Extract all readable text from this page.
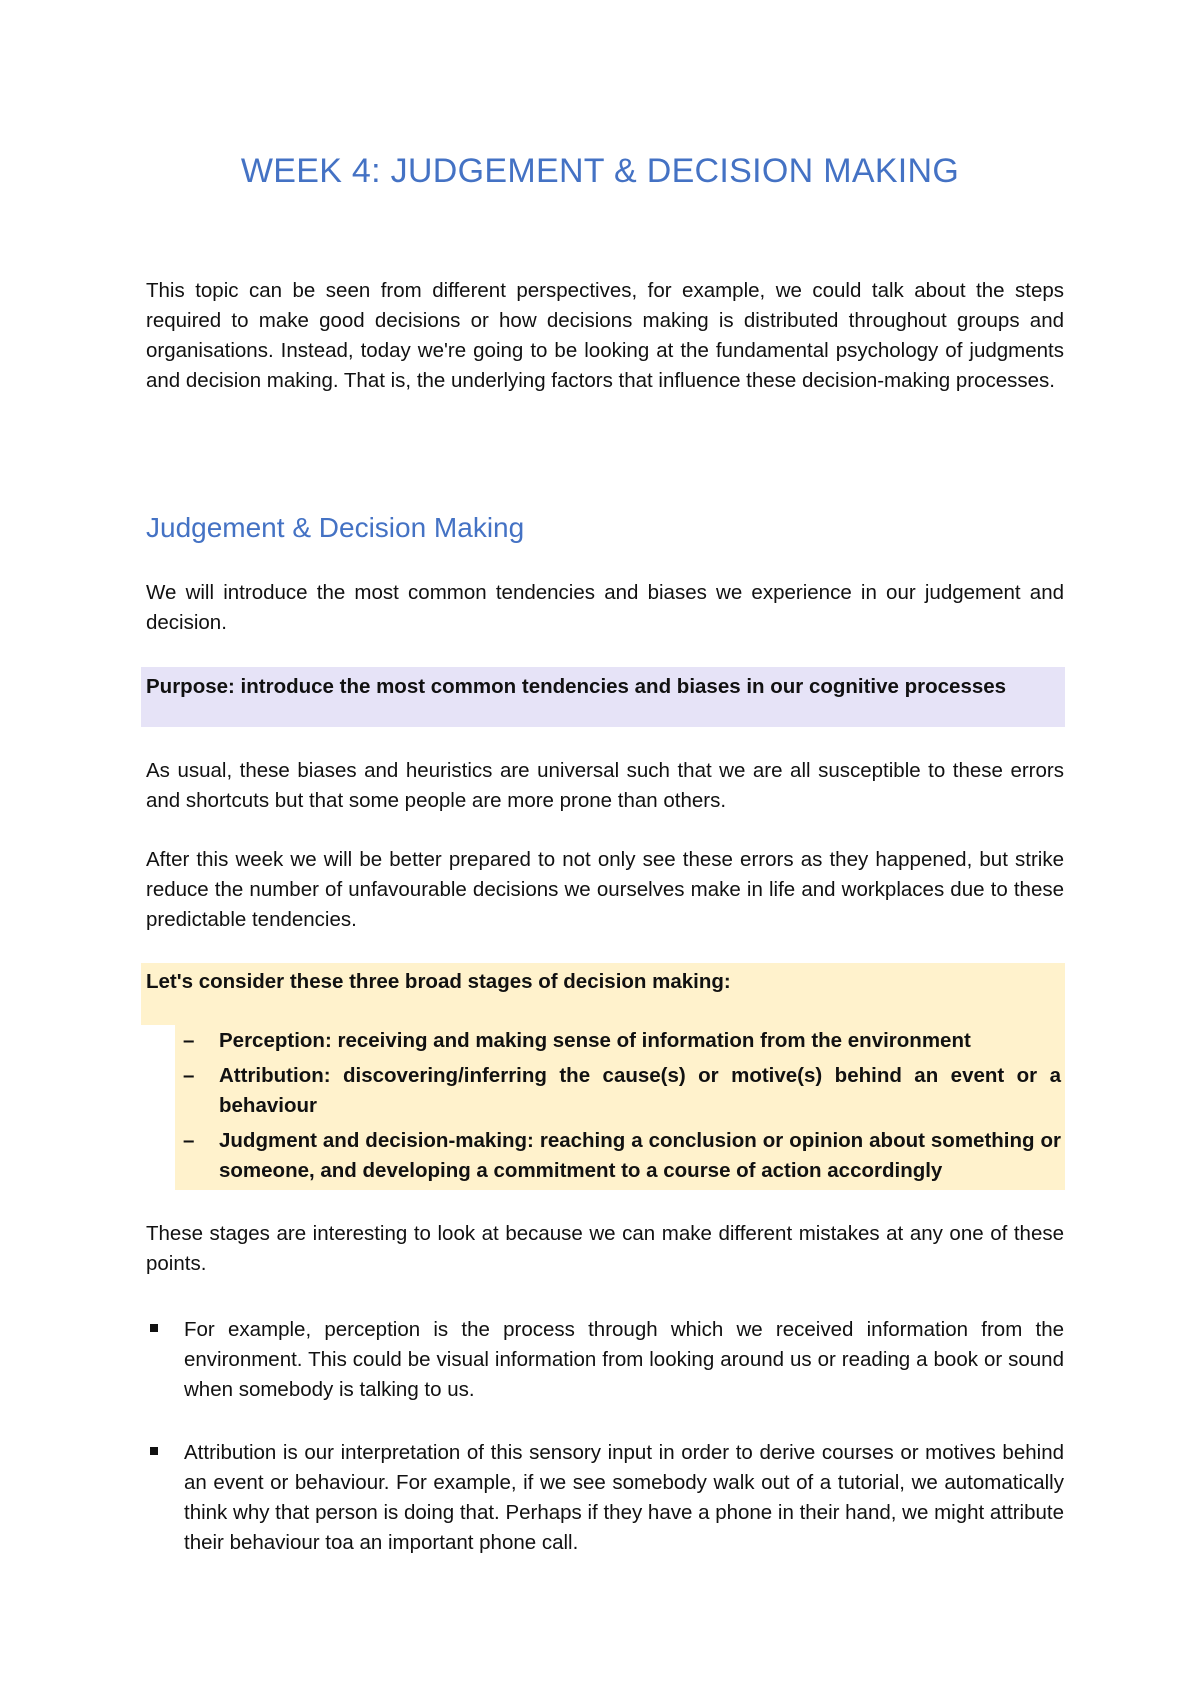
WEEK 4: JUDGEMENT & DECISION MAKING

This topic can be seen from different perspectives, for example, we could talk about the steps required to make good decisions or how decisions making is distributed throughout groups and organisations. Instead, today we're going to be looking at the fundamental psychology of judgments and decision making. That is, the underlying factors that influence these decision-making processes.

Judgement & Decision Making

We will introduce the most common tendencies and biases we experience in our judgement and decision.

Purpose: introduce the most common tendencies and biases in our cognitive processes

As usual, these biases and heuristics are universal such that we are all susceptible to these errors and shortcuts but that some people are more prone than others.

After this week we will be better prepared to not only see these errors as they happened, but strike reduce the number of unfavourable decisions we ourselves make in life and workplaces due to these predictable tendencies.

Let's consider these three broad stages of decision making:
– Perception: receiving and making sense of information from the environment
– Attribution: discovering/inferring the cause(s) or motive(s) behind an event or a behaviour
– Judgment and decision-making: reaching a conclusion or opinion about something or someone, and developing a commitment to a course of action accordingly

These stages are interesting to look at because we can make different mistakes at any one of these points.

For example, perception is the process through which we received information from the environment. This could be visual information from looking around us or reading a book or sound when somebody is talking to us.

Attribution is our interpretation of this sensory input in order to derive courses or motives behind an event or behaviour. For example, if we see somebody walk out of a tutorial, we automatically think why that person is doing that. Perhaps if they have a phone in their hand, we might attribute their behaviour toa an important phone call.
